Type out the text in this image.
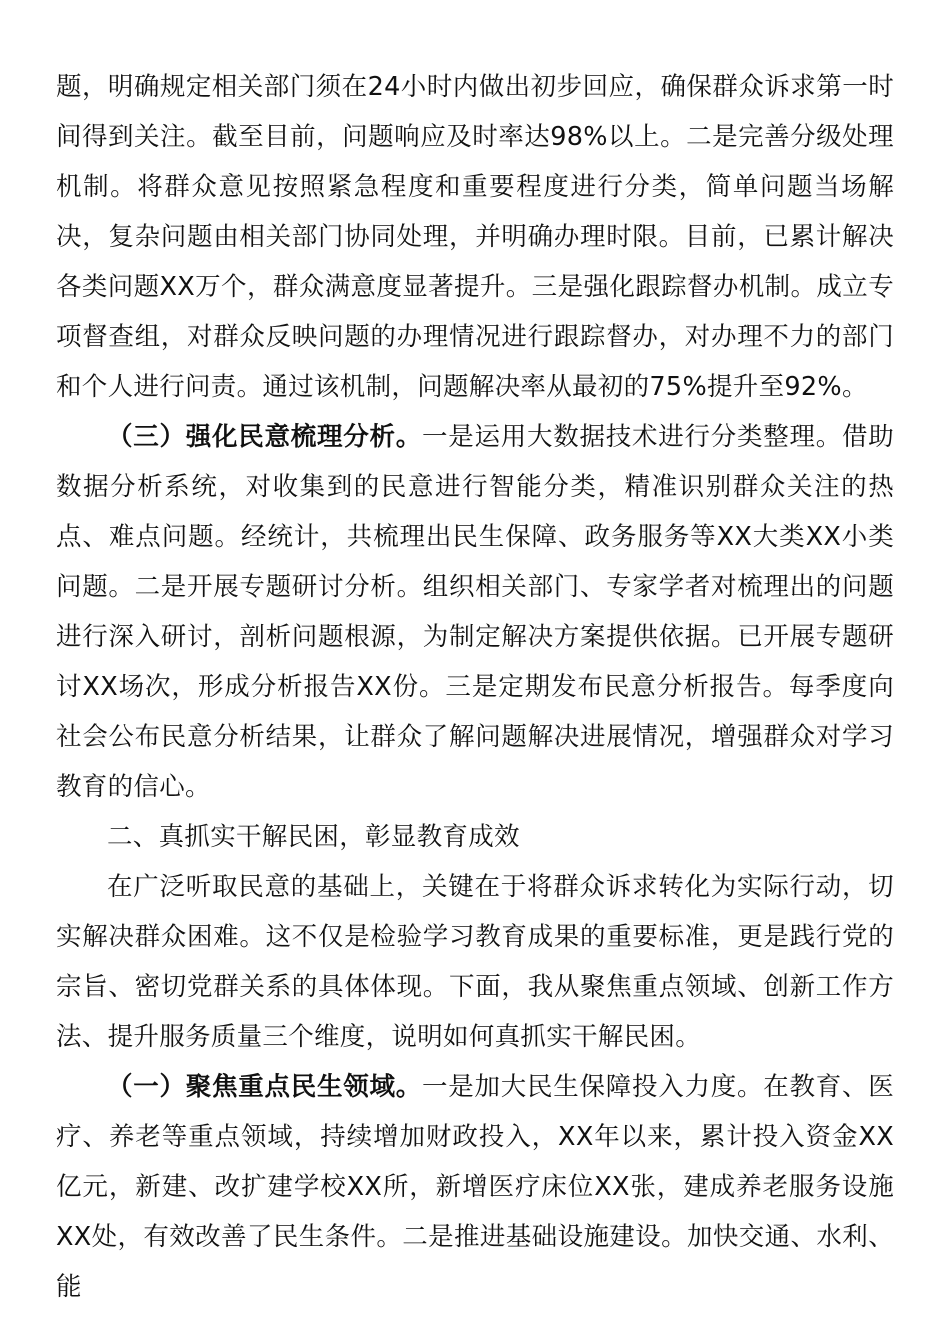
题，明确规定相关部门须在24小时内做出初步回应，确保群众诉求第一时间得到关注。截至目前，问题响应及时率达98%以上。二是完善分级处理机制。将群众意见按照紧急程度和重要程度进行分类，简单问题当场解决，复杂问题由相关部门协同处理，并明确办理时限。目前，已累计解决各类问题XX万个，群众满意度显著提升。三是强化跟踪督办机制。成立专项督查组，对群众反映问题的办理情况进行跟踪督办，对办理不力的部门和个人进行问责。通过该机制，问题解决率从最初的75%提升至92%。

（三）强化民意梳理分析。一是运用大数据技术进行分类整理。借助数据分析系统，对收集到的民意进行智能分类，精准识别群众关注的热点、难点问题。经统计，共梳理出民生保障、政务服务等XX大类XX小类问题。二是开展专题研讨分析。组织相关部门、专家学者对梳理出的问题进行深入研讨，剖析问题根源，为制定解决方案提供依据。已开展专题研讨XX场次，形成分析报告XX份。三是定期发布民意分析报告。每季度向社会公布民意分析结果，让群众了解问题解决进展情况，增强群众对学习教育的信心。

二、真抓实干解民困，彰显教育成效

在广泛听取民意的基础上，关键在于将群众诉求转化为实际行动，切实解决群众困难。这不仅是检验学习教育成果的重要标准，更是践行党的宗旨、密切党群关系的具体体现。下面，我从聚焦重点领域、创新工作方法、提升服务质量三个维度，说明如何真抓实干解民困。

（一）聚焦重点民生领域。一是加大民生保障投入力度。在教育、医疗、养老等重点领域，持续增加财政投入，XX年以来，累计投入资金XX亿元，新建、改扩建学校XX所，新增医疗床位XX张，建成养老服务设施XX处，有效改善了民生条件。二是推进基础设施建设。加快交通、水利、能
